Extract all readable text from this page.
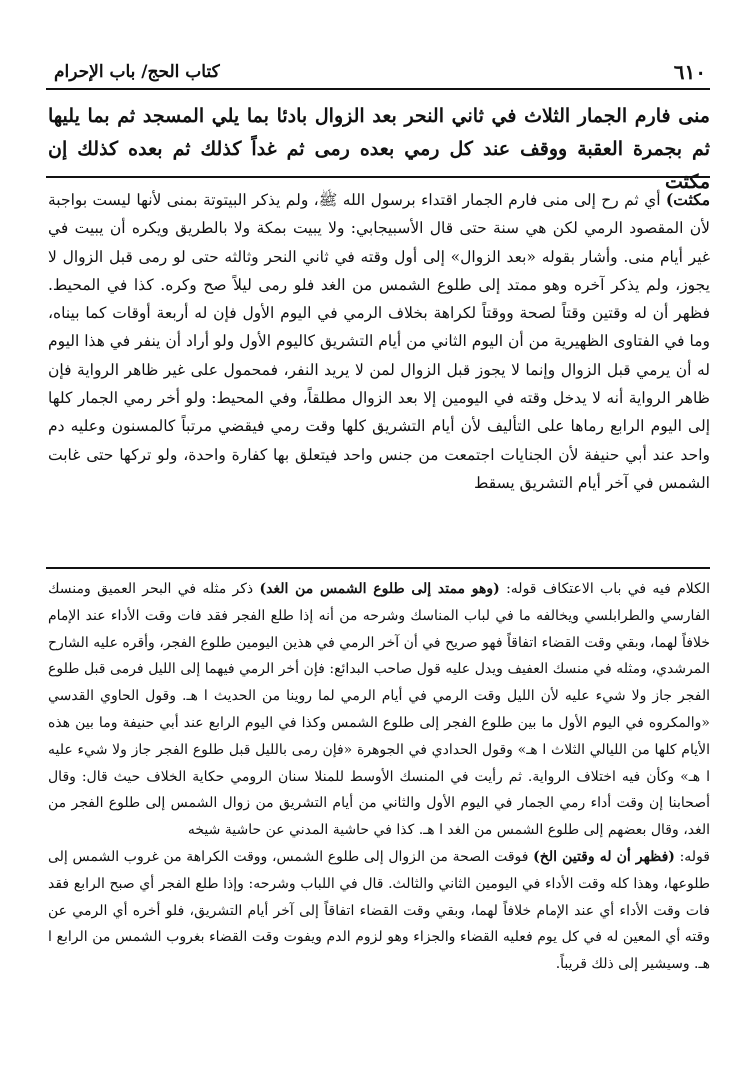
٦١٠
كتاب الحج/ باب الإحرام

منى فارم الجمار الثلاث في ثاني النحر بعد الزوال بادئا بما يلي المسجد ثم بما يليها ثم بجمرة العقبة ووقف عند كل رمي بعده رمى ثم غداً كذلك ثم بعده كذلك إن مكثت

مكثت) أي ثم رح إلى منى فارم الجمار اقتداء برسول الله ﷺ، ولم يذكر البيتوتة بمنى لأنها ليست بواجبة لأن المقصود الرمي لكن هي سنة حتى قال الأسبيجابي: ولا يبيت بمكة ولا بالطريق ويكره أن يبيت في غير أيام منى. وأشار بقوله «بعد الزوال» إلى أول وقته في ثاني النحر وثالثه حتى لو رمى قبل الزوال لا يجوز، ولم يذكر آخره وهو ممتد إلى طلوع الشمس من الغد فلو رمى ليلاً صح وكره. كذا في المحيط. فظهر أن له وقتين وقتاً لصحة ووقتاً لكراهة بخلاف الرمي في اليوم الأول فإن له أربعة أوقات كما بيناه، وما في الفتاوى الظهيرية من أن اليوم الثاني من أيام التشريق كاليوم الأول ولو أراد أن ينفر في هذا اليوم له أن يرمي قبل الزوال وإنما لا يجوز قبل الزوال لمن لا يريد النفر، فمحمول على غير ظاهر الرواية فإن ظاهر الرواية أنه لا يدخل وقته في اليومين إلا بعد الزوال مطلقاً، وفي المحيط: ولو أخر رمي الجمار كلها إلى اليوم الرابع رماها على التأليف لأن أيام التشريق كلها وقت رمي فيقضي مرتباً كالمسنون وعليه دم واحد عند أبي حنيفة لأن الجنايات اجتمعت من جنس واحد فيتعلق بها كفارة واحدة، ولو تركها حتى غابت الشمس في آخر أيام التشريق يسقط

الكلام فيه في باب الاعتكاف قوله: (وهو ممتد إلى طلوع الشمس من الغد) ذكر مثله في البحر العميق ومنسك الفارسي والطرابلسي ويخالفه ما في لباب المناسك وشرحه من أنه إذا طلع الفجر فقد فات وقت الأداء عند الإمام خلافاً لهما، وبقي وقت القضاء اتفاقاً فهو صريح في أن آخر الرمي في هذين اليومين طلوع الفجر، وأقره عليه الشارح المرشدي، ومثله في منسك العفيف ويدل عليه قول صاحب البدائع: فإن أخر الرمي فيهما إلى الليل فرمى قبل طلوع الفجر جاز ولا شيء عليه لأن الليل وقت الرمي في أيام الرمي لما روينا من الحديث ا هـ. وقول الحاوي القدسي «والمكروه في اليوم الأول ما بين طلوع الفجر إلى طلوع الشمس وكذا في اليوم الرابع عند أبي حنيفة وما بين هذه الأيام كلها من الليالي الثلاث ا هـ» وقول الحدادي في الجوهرة «فإن رمى بالليل قبل طلوع الفجر جاز ولا شيء عليه ا هـ» وكأن فيه اختلاف الرواية. ثم رأيت في المنسك الأوسط للمنلا سنان الرومي حكاية الخلاف حيث قال: وقال أصحابنا إن وقت أداء رمي الجمار في اليوم الأول والثاني من أيام التشريق من زوال الشمس إلى طلوع الفجر من الغد، وقال بعضهم إلى طلوع الشمس من الغد ا هـ. كذا في حاشية المدني عن حاشية شيخه

قوله: (فظهر أن له وقتين الخ) فوقت الصحة من الزوال إلى طلوع الشمس، ووقت الكراهة من غروب الشمس إلى طلوعها، وهذا كله وقت الأداء في اليومين الثاني والثالث. قال في اللباب وشرحه: وإذا طلع الفجر أي صبح الرابع فقد فات وقت الأداء أي عند الإمام خلافاً لهما، وبقي وقت القضاء اتفاقاً إلى آخر أيام التشريق، فلو أخره أي الرمي عن وقته أي المعين له في كل يوم فعليه القضاء والجزاء وهو لزوم الدم ويفوت وقت القضاء بغروب الشمس من الرابع ا هـ. وسيشير إلى ذلك قريباً.
